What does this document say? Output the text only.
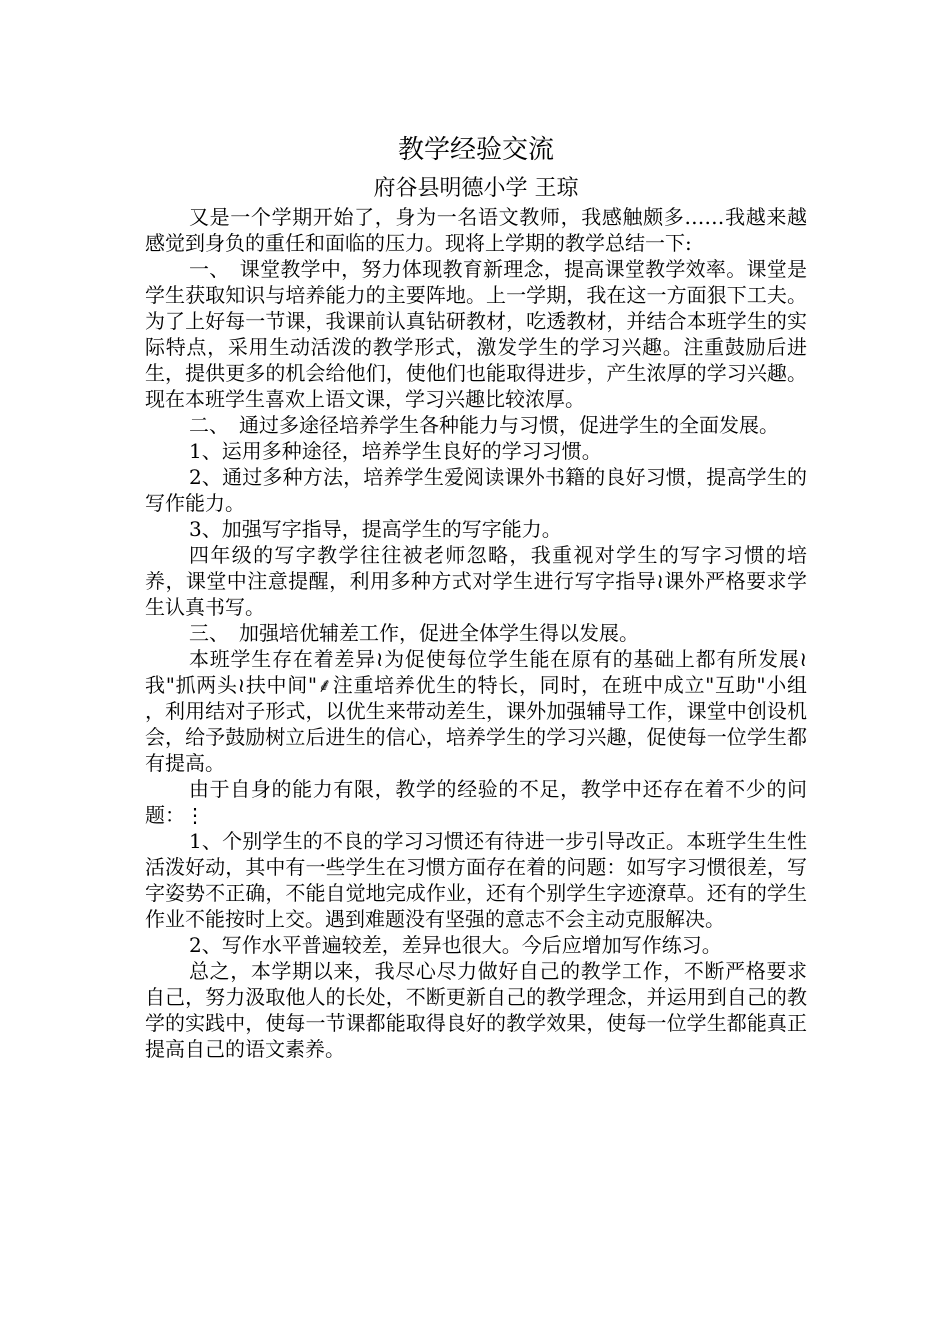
教学经验交流
府谷县明德小学 王琼

又是一个学期开始了，身为一名语文教师，我感触颇多……我越来越感觉到身负的重任和面临的压力。现将上学期的教学总结一下:

一、　课堂教学中，努力体现教育新理念，提高课堂教学效率。课堂是学生获取知识与培养能力的主要阵地。上一学期，我在这一方面狠下工夫。为了上好每一节课，我课前认真钻研教材，吃透教材，并结合本班学生的实际特点，采用生动活泼的教学形式，激发学生的学习兴趣。注重鼓励后进生，提供更多的机会给他们，使他们也能取得进步，产生浓厚的学习兴趣。现在本班学生喜欢上语文课，学习兴趣比较浓厚。

二、　通过多途径培养学生各种能力与习惯，促进学生的全面发展。

1、运用多种途径，培养学生良好的学习习惯。

2、通过多种方法，培养学生爱阅读课外书籍的良好习惯，提高学生的写作能力。

3、加强写字指导，提高学生的写字能力。

四年级的写字教学往往被老师忽略，我重视对学生的写字习惯的培养，课堂中注意提醒，利用多种方式对学生进行写字指导≀课外严格要求学生认真书写。

三、　加强培优辅差工作，促进全体学生得以发展。

本班学生存在着差异≀为促使每位学生能在原有的基础上都有所发展≀我"抓两头≀扶中间"⸙注重培养优生的特长，同时，在班中成立"互助"小组 ，利用结对子形式，以优生来带动差生，课外加强辅导工作，课堂中创设机会，给予鼓励树立后进生的信心，培养学生的学习兴趣，促使每一位学生都有提高。

由于自身的能力有限，教学的经验的不足，教学中还存在着不少的问题：⋮

1、个别学生的不良的学习习惯还有待进一步引导改正。本班学生生性活泼好动，其中有一些学生在习惯方面存在着的问题：如写字习惯很差，写字姿势不正确，不能自觉地完成作业，还有个别学生字迹潦草。还有的学生作业不能按时上交。遇到难题没有坚强的意志不会主动克服解决。

2、写作水平普遍较差，差异也很大。今后应增加写作练习。

总之，本学期以来，我尽心尽力做好自己的教学工作，不断严格要求自己，努力汲取他人的长处，不断更新自己的教学理念，并运用到自己的教学的实践中，使每一节课都能取得良好的教学效果，使每一位学生都能真正提高自己的语文素养。
